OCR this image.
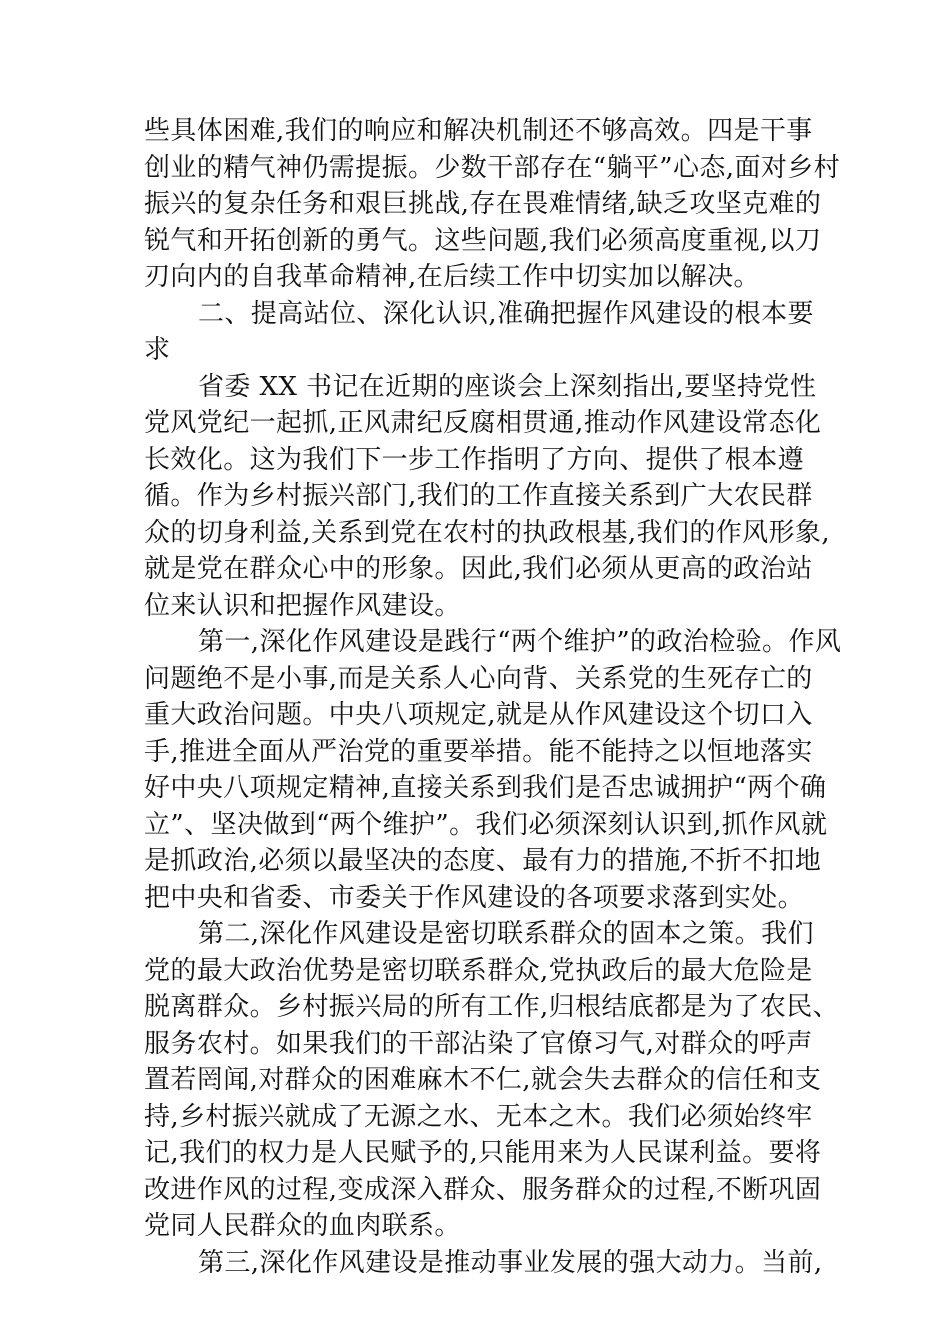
些具体困难,我们的响应和解决机制还不够高效。四是干事
创业的精气神仍需提振。少数干部存在“躺平”心态,面对乡村
振兴的复杂任务和艰巨挑战,存在畏难情绪,缺乏攻坚克难的
锐气和开拓创新的勇气。这些问题,我们必须高度重视,以刀
刃向内的自我革命精神,在后续工作中切实加以解决。
二、提高站位、深化认识,准确把握作风建设的根本要
求
省委 XX 书记在近期的座谈会上深刻指出,要坚持党性
党风党纪一起抓,正风肃纪反腐相贯通,推动作风建设常态化
长效化。这为我们下一步工作指明了方向、提供了根本遵
循。作为乡村振兴部门,我们的工作直接关系到广大农民群
众的切身利益,关系到党在农村的执政根基,我们的作风形象,
就是党在群众心中的形象。因此,我们必须从更高的政治站
位来认识和把握作风建设。
第一,深化作风建设是践行“两个维护”的政治检验。作风
问题绝不是小事,而是关系人心向背、关系党的生死存亡的
重大政治问题。中央八项规定,就是从作风建设这个切口入
手,推进全面从严治党的重要举措。能不能持之以恒地落实
好中央八项规定精神,直接关系到我们是否忠诚拥护“两个确
立”、坚决做到“两个维护”。我们必须深刻认识到,抓作风就
是抓政治,必须以最坚决的态度、最有力的措施,不折不扣地
把中央和省委、市委关于作风建设的各项要求落到实处。
第二,深化作风建设是密切联系群众的固本之策。我们
党的最大政治优势是密切联系群众,党执政后的最大危险是
脱离群众。乡村振兴局的所有工作,归根结底都是为了农民、
服务农村。如果我们的干部沾染了官僚习气,对群众的呼声
置若罔闻,对群众的困难麻木不仁,就会失去群众的信任和支
持,乡村振兴就成了无源之水、无本之木。我们必须始终牢
记,我们的权力是人民赋予的,只能用来为人民谋利益。要将
改进作风的过程,变成深入群众、服务群众的过程,不断巩固
党同人民群众的血肉联系。
第三,深化作风建设是推动事业发展的强大动力。当前,
